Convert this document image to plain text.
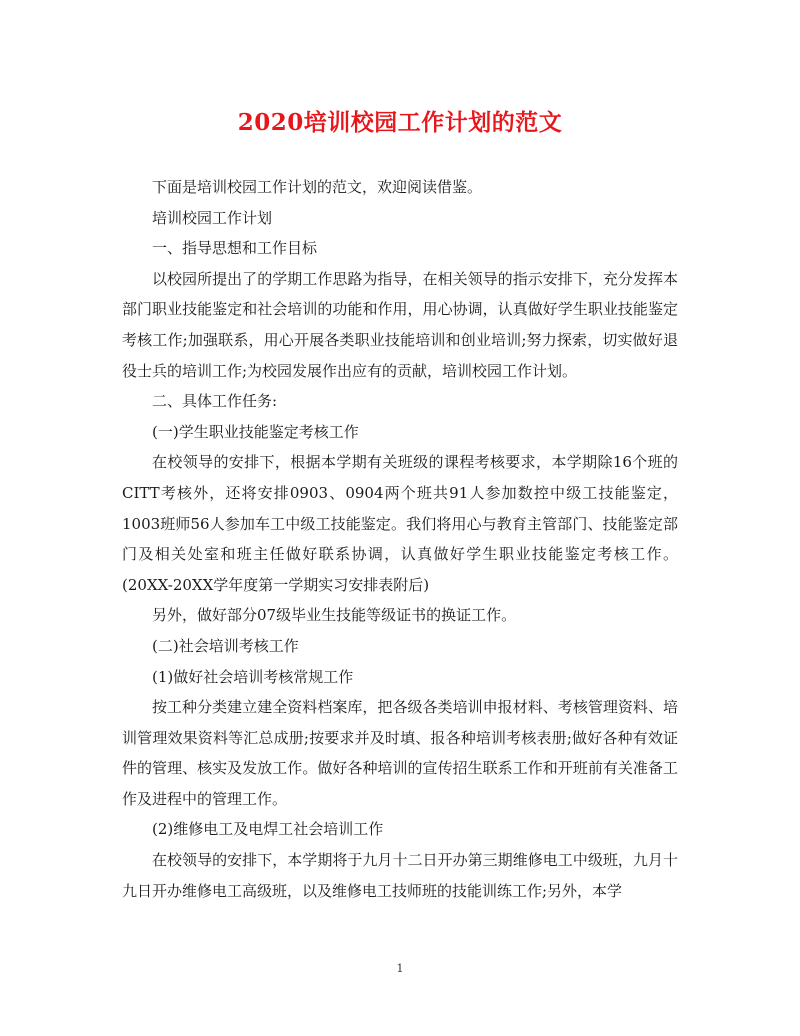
2020培训校园工作计划的范文

下面是培训校园工作计划的范文，欢迎阅读借鉴。

培训校园工作计划

一、指导思想和工作目标

以校园所提出了的学期工作思路为指导，在相关领导的指示安排下，充分发挥本部门职业技能鉴定和社会培训的功能和作用，用心协调，认真做好学生职业技能鉴定考核工作;加强联系，用心开展各类职业技能培训和创业培训;努力探索，切实做好退役士兵的培训工作;为校园发展作出应有的贡献，培训校园工作计划。

二、具体工作任务:

(一)学生职业技能鉴定考核工作

在校领导的安排下，根据本学期有关班级的课程考核要求，本学期除16个班的CITT考核外，还将安排0903、0904两个班共91人参加数控中级工技能鉴定，1003班师56人参加车工中级工技能鉴定。我们将用心与教育主管部门、技能鉴定部门及相关处室和班主任做好联系协调，认真做好学生职业技能鉴定考核工作。(20XX-20XX学年度第一学期实习安排表附后)

另外，做好部分07级毕业生技能等级证书的换证工作。

(二)社会培训考核工作

(1)做好社会培训考核常规工作

按工种分类建立建全资料档案库，把各级各类培训申报材料、考核管理资料、培训管理效果资料等汇总成册;按要求并及时填、报各种培训考核表册;做好各种有效证件的管理、核实及发放工作。做好各种培训的宣传招生联系工作和开班前有关准备工作及进程中的管理工作。

(2)维修电工及电焊工社会培训工作

在校领导的安排下，本学期将于九月十二日开办第三期维修电工中级班，九月十九日开办维修电工高级班，以及维修电工技师班的技能训练工作;另外，本学

1
